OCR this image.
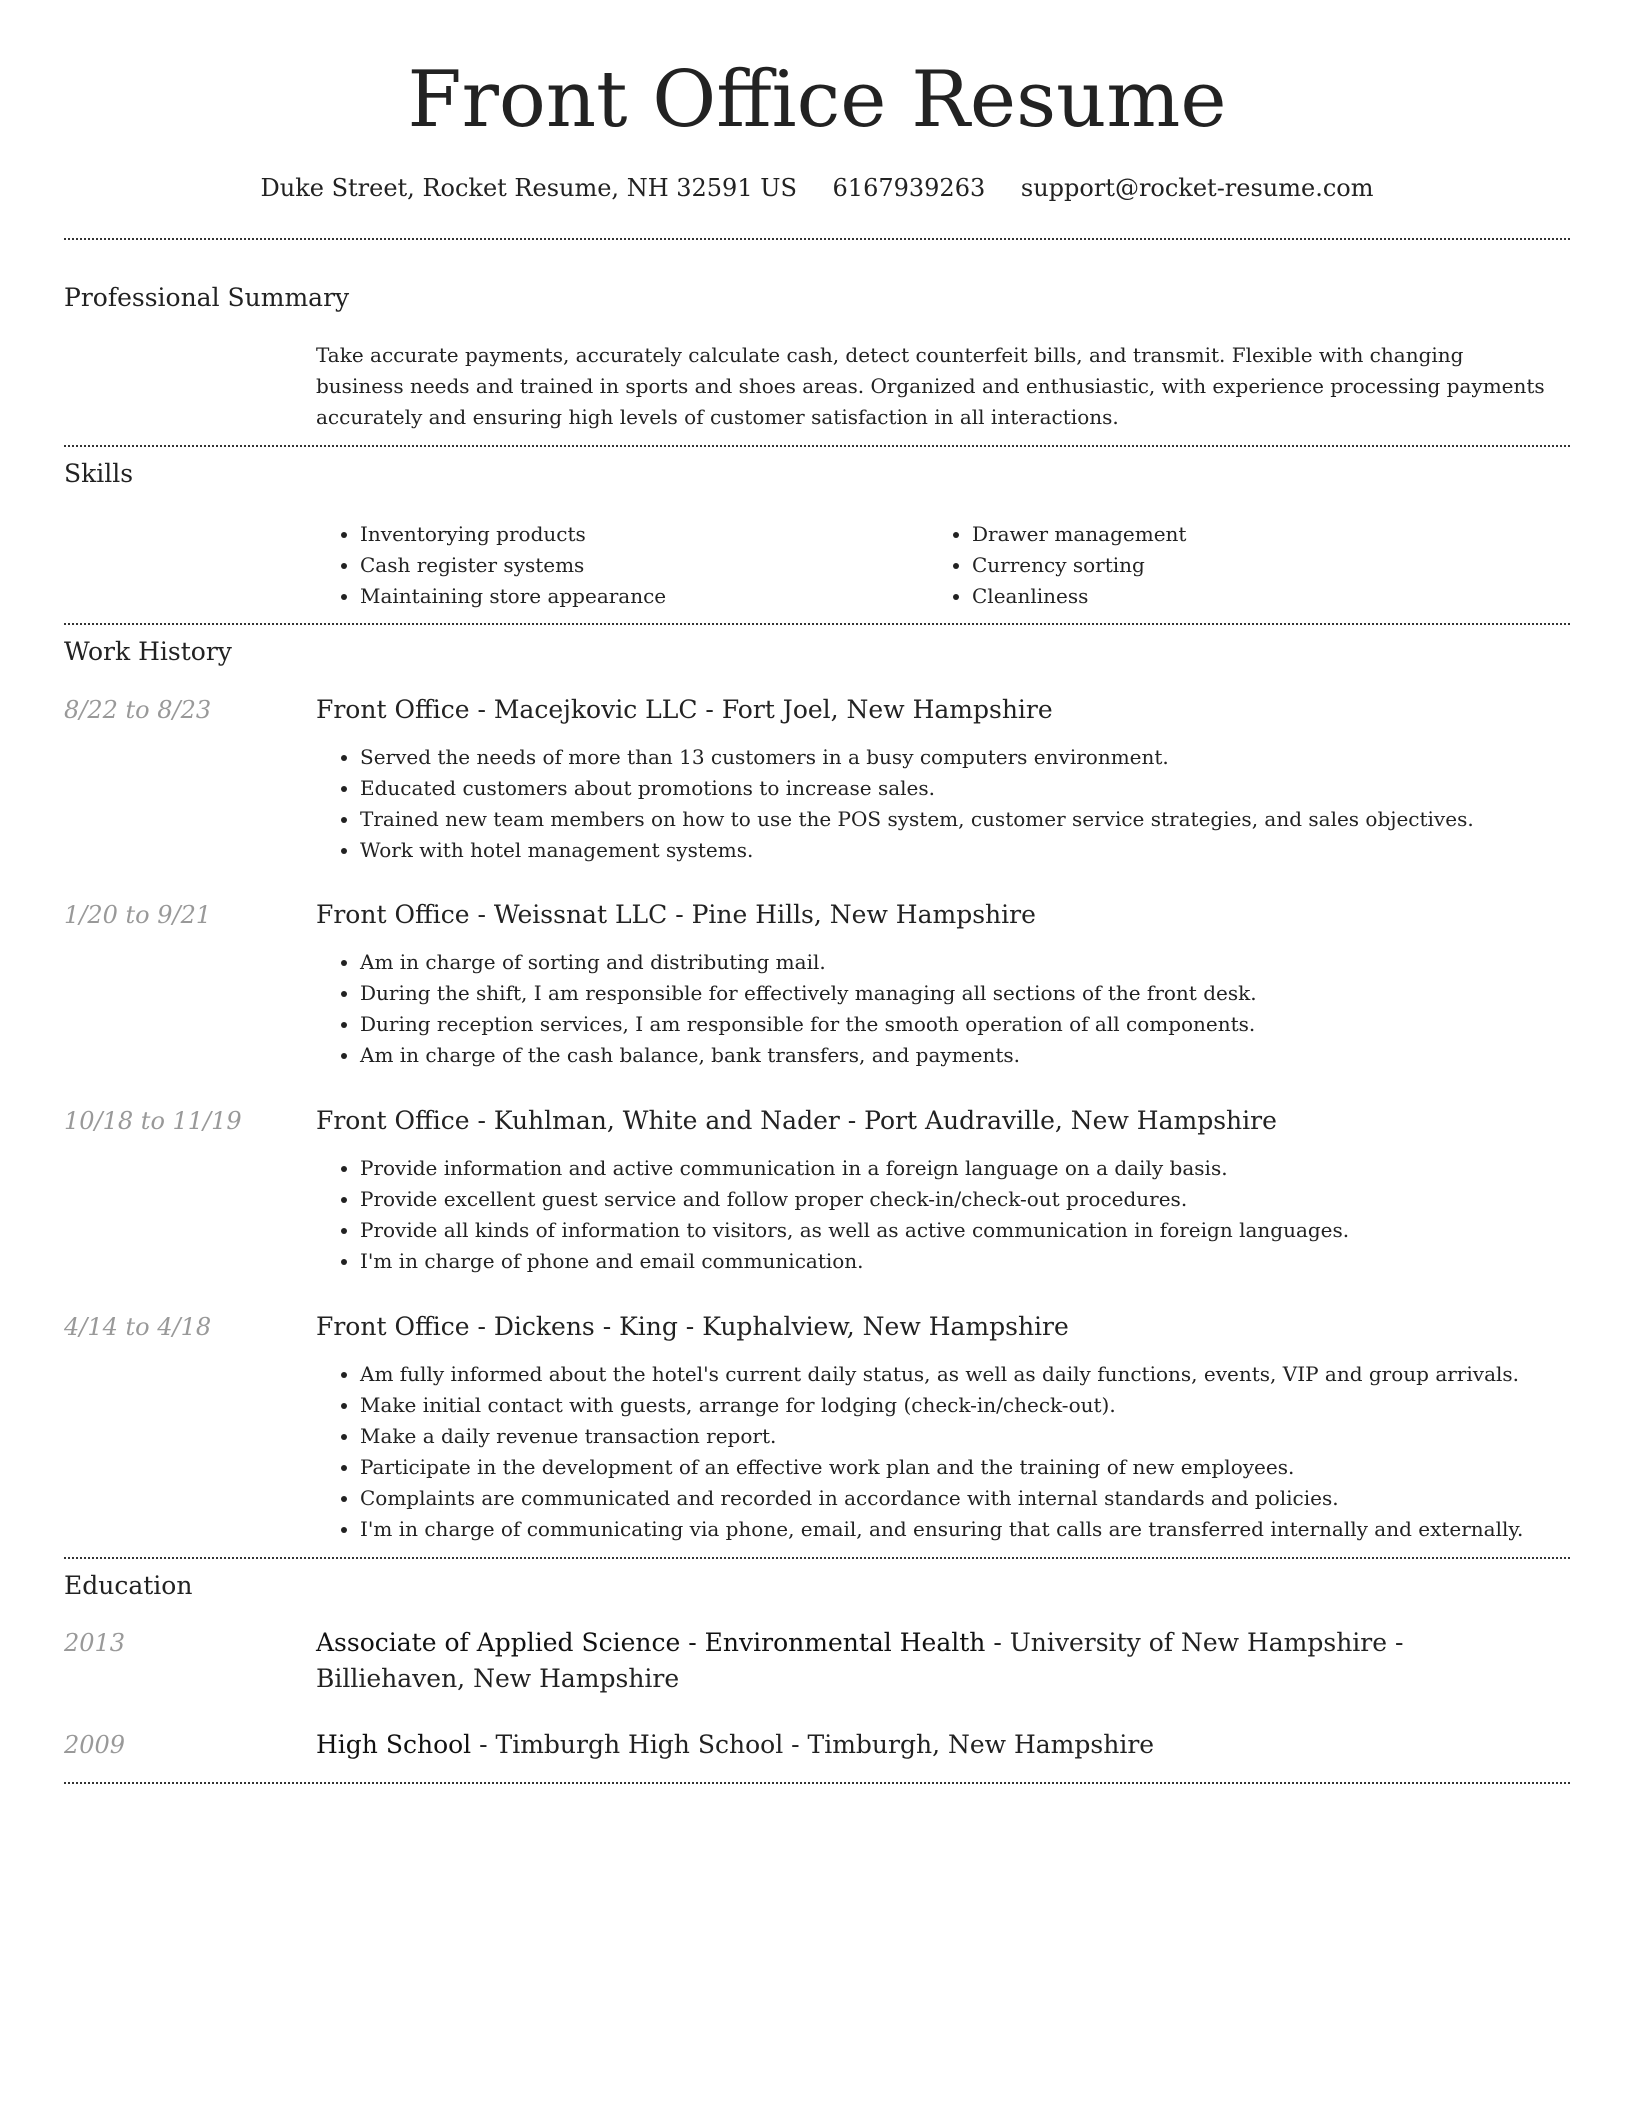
Front Office Resume
Duke Street, Rocket Resume, NH 32591 US 6167939263 support@rocket-resume.com
Professional Summary
Take accurate payments, accurately calculate cash, detect counterfeit bills, and transmit. Flexible with changing business needs and trained in sports and shoes areas. Organized and enthusiastic, with experience processing payments accurately and ensuring high levels of customer satisfaction in all interactions.
Skills
• Inventorying products
• Cash register systems
• Maintaining store appearance
• Drawer management
• Currency sorting
• Cleanliness
Work History
8/22 to 8/23	Front Office - Macejkovic LLC - Fort Joel, New Hampshire
• Served the needs of more than 13 customers in a busy computers environment.
• Educated customers about promotions to increase sales.
• Trained new team members on how to use the POS system, customer service strategies, and sales objectives.
• Work with hotel management systems.
1/20 to 9/21	Front Office - Weissnat LLC - Pine Hills, New Hampshire
• Am in charge of sorting and distributing mail.
• During the shift, I am responsible for effectively managing all sections of the front desk.
• During reception services, I am responsible for the smooth operation of all components.
• Am in charge of the cash balance, bank transfers, and payments.
10/18 to 11/19	Front Office - Kuhlman, White and Nader - Port Audraville, New Hampshire
• Provide information and active communication in a foreign language on a daily basis.
• Provide excellent guest service and follow proper check-in/check-out procedures.
• Provide all kinds of information to visitors, as well as active communication in foreign languages.
• I'm in charge of phone and email communication.
4/14 to 4/18	Front Office - Dickens - King - Kuphalview, New Hampshire
• Am fully informed about the hotel's current daily status, as well as daily functions, events, VIP and group arrivals.
• Make initial contact with guests, arrange for lodging (check-in/check-out).
• Make a daily revenue transaction report.
• Participate in the development of an effective work plan and the training of new employees.
• Complaints are communicated and recorded in accordance with internal standards and policies.
• I'm in charge of communicating via phone, email, and ensuring that calls are transferred internally and externally.
Education
2013	Associate of Applied Science - Environmental Health - University of New Hampshire - Billiehaven, New Hampshire
2009	High School - Timburgh High School - Timburgh, New Hampshire
